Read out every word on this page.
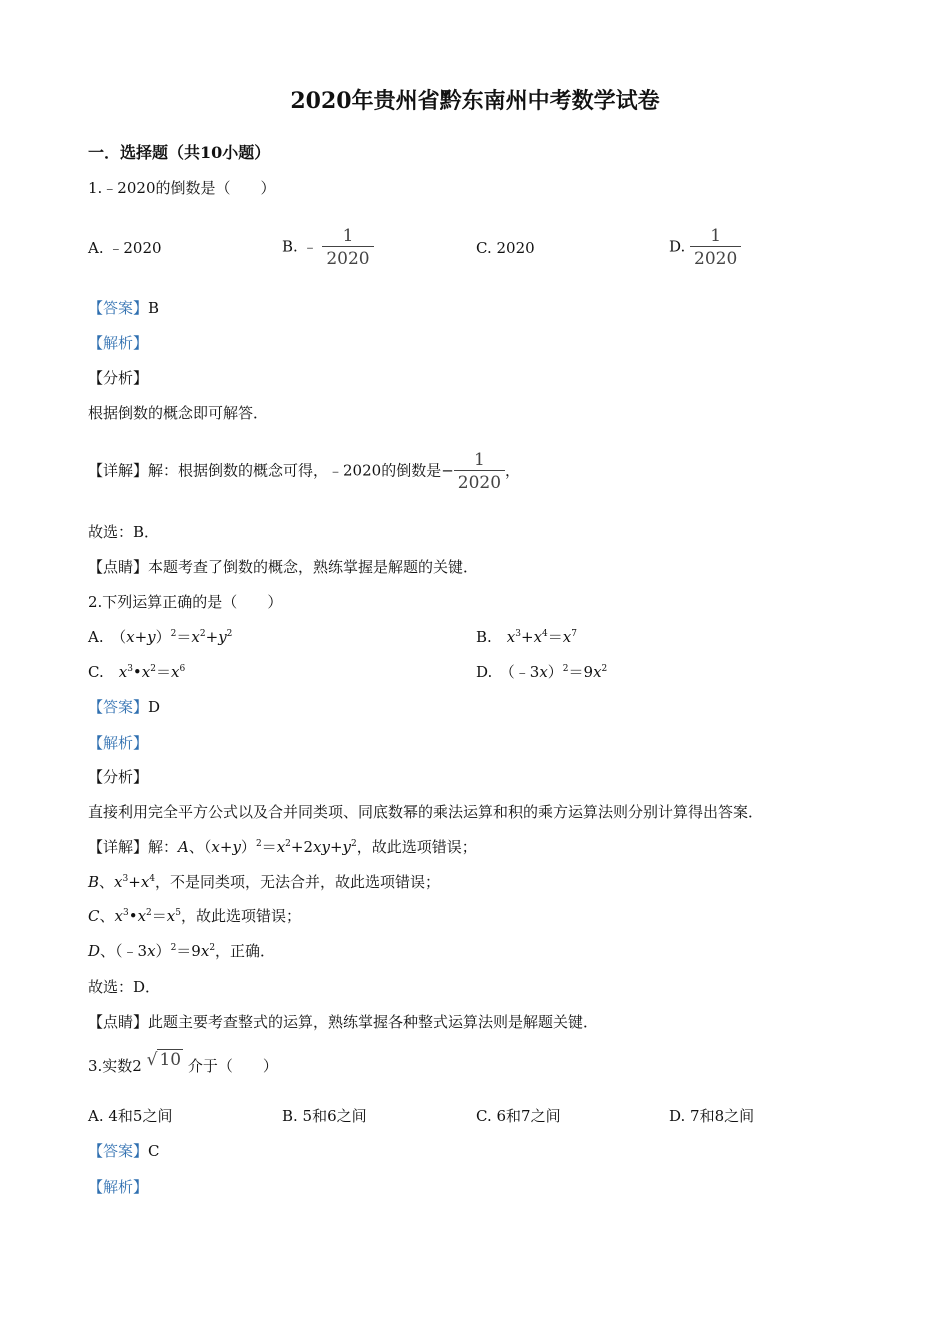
2020年贵州省黔东南州中考数学试卷
一．选择题（共10小题）
1.﹣2020的倒数是（　　）
A. ﹣2020	B. ﹣ $\frac{1}{2020}$	C. 2020	D. $\frac{1}{2020}$
【答案】B
【解析】
【分析】
根据倒数的概念即可解答．
【详解】解：根据倒数的概念可得，﹣2020的倒数是− $\frac{1}{2020}$ ，
故选：B．
【点睛】本题考查了倒数的概念，熟练掌握是解题的关键．
2.下列运算正确的是（　　）
A.　$(x+y)^2=x^2+y^2$	B.　$x^3+x^4=x^7$
C.　$x^3•x^2=x^6$	D.　$(﹣3x)^2=9x^2$
【答案】D
【解析】
【分析】
直接利用完全平方公式以及合并同类项、同底数幂的乘法运算和积的乘方运算法则分别计算得出答案．
【详解】解：A、$(x+y)^2=x^2+2xy+y^2$，故此选项错误；
B、$x^3+x^4$，不是同类项，无法合并，故此选项错误；
C、$x^3•x^2=x^5$，故此选项错误；
D、$(﹣3x)^2=9x^2$，正确．
故选：D．
【点睛】此题主要考查整式的运算，熟练掌握各种整式运算法则是解题关键．
3.实数2 √ 10 介于（　　）
A. 4和5之间	B. 5和6之间	C. 6和7之间	D. 7和8之间
【答案】C
【解析】
